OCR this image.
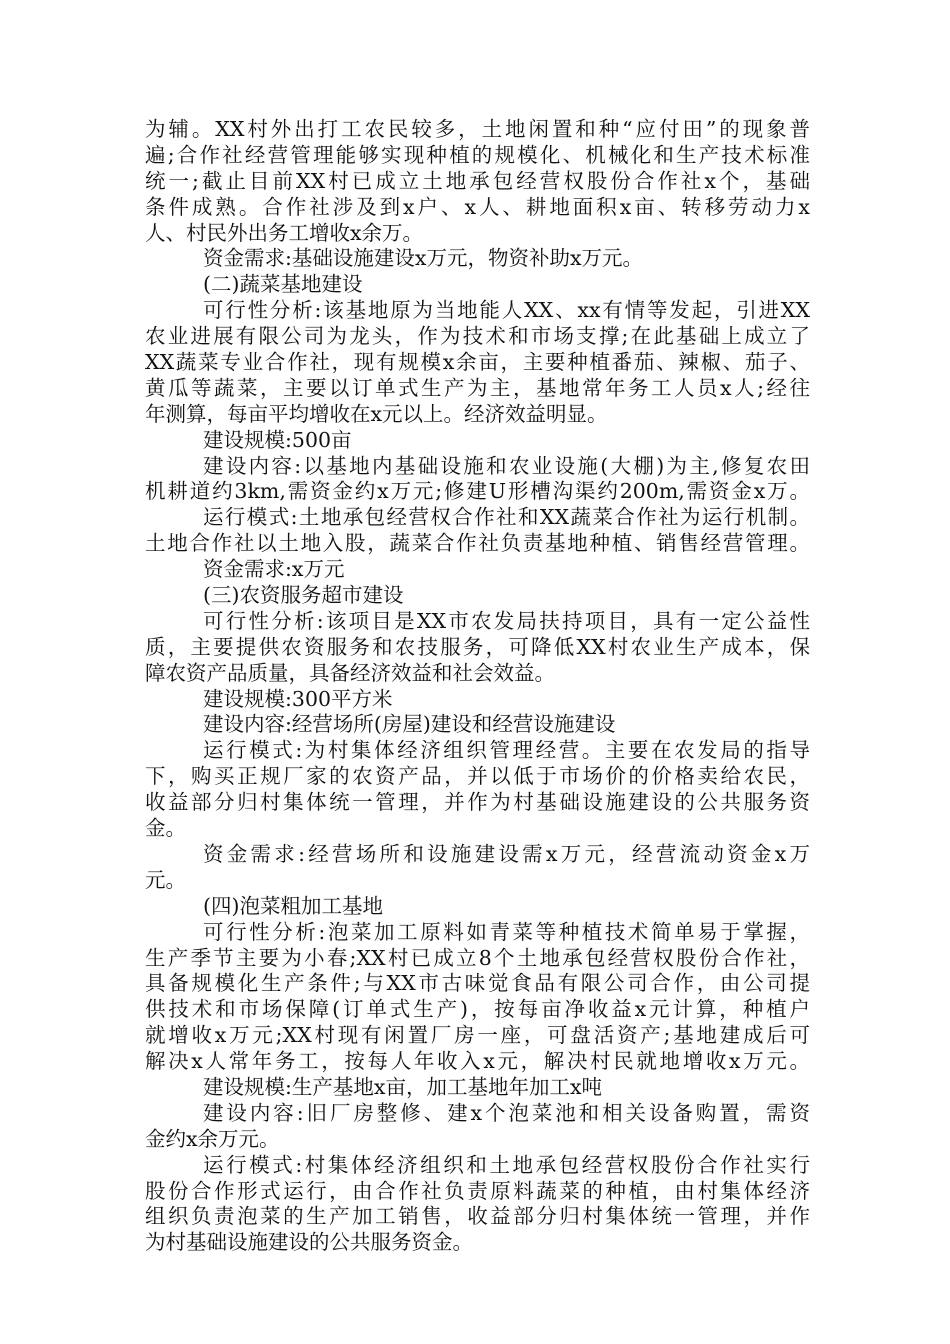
为辅。XX村外出打工农民较多，土地闲置和种“应付田”的现象普
遍;合作社经营管理能够实现种植的规模化、机械化和生产技术标准
统一;截止目前XX村已成立土地承包经营权股份合作社x个，基础
条件成熟。合作社涉及到x户、x人、耕地面积x亩、转移劳动力x
人、村民外出务工增收x余万。
资金需求:基础设施建设x万元，物资补助x万元。
(二)蔬菜基地建设
可行性分析:该基地原为当地能人XX、xx有情等发起，引进XX
农业进展有限公司为龙头，作为技术和市场支撑;在此基础上成立了
XX蔬菜专业合作社，现有规模x余亩，主要种植番茄、辣椒、茄子、
黄瓜等蔬菜，主要以订单式生产为主，基地常年务工人员x人;经往
年测算，每亩平均增收在x元以上。经济效益明显。
建设规模:500亩
建设内容:以基地内基础设施和农业设施(大棚)为主,修复农田
机耕道约3km,需资金约x万元;修建U形槽沟渠约200m,需资金x万。
运行模式:土地承包经营权合作社和XX蔬菜合作社为运行机制。
土地合作社以土地入股，蔬菜合作社负责基地种植、销售经营管理。
资金需求:x万元
(三)农资服务超市建设
可行性分析:该项目是XX市农发局扶持项目，具有一定公益性
质，主要提供农资服务和农技服务，可降低XX村农业生产成本，保
障农资产品质量，具备经济效益和社会效益。
建设规模:300平方米
建设内容:经营场所(房屋)建设和经营设施建设
运行模式:为村集体经济组织管理经营。主要在农发局的指导
下，购买正规厂家的农资产品，并以低于市场价的价格卖给农民，
收益部分归村集体统一管理，并作为村基础设施建设的公共服务资
金。
资金需求:经营场所和设施建设需x万元，经营流动资金x万
元。
(四)泡菜粗加工基地
可行性分析:泡菜加工原料如青菜等种植技术简单易于掌握，
生产季节主要为小春;XX村已成立8个土地承包经营权股份合作社，
具备规模化生产条件;与XX市古味觉食品有限公司合作，由公司提
供技术和市场保障(订单式生产)，按每亩净收益x元计算，种植户
就增收x万元;XX村现有闲置厂房一座，可盘活资产;基地建成后可
解决x人常年务工，按每人年收入x元，解决村民就地增收x万元。
建设规模:生产基地x亩，加工基地年加工x吨
建设内容:旧厂房整修、建x个泡菜池和相关设备购置，需资
金约x余万元。
运行模式:村集体经济组织和土地承包经营权股份合作社实行
股份合作形式运行，由合作社负责原料蔬菜的种植，由村集体经济
组织负责泡菜的生产加工销售，收益部分归村集体统一管理，并作
为村基础设施建设的公共服务资金。
